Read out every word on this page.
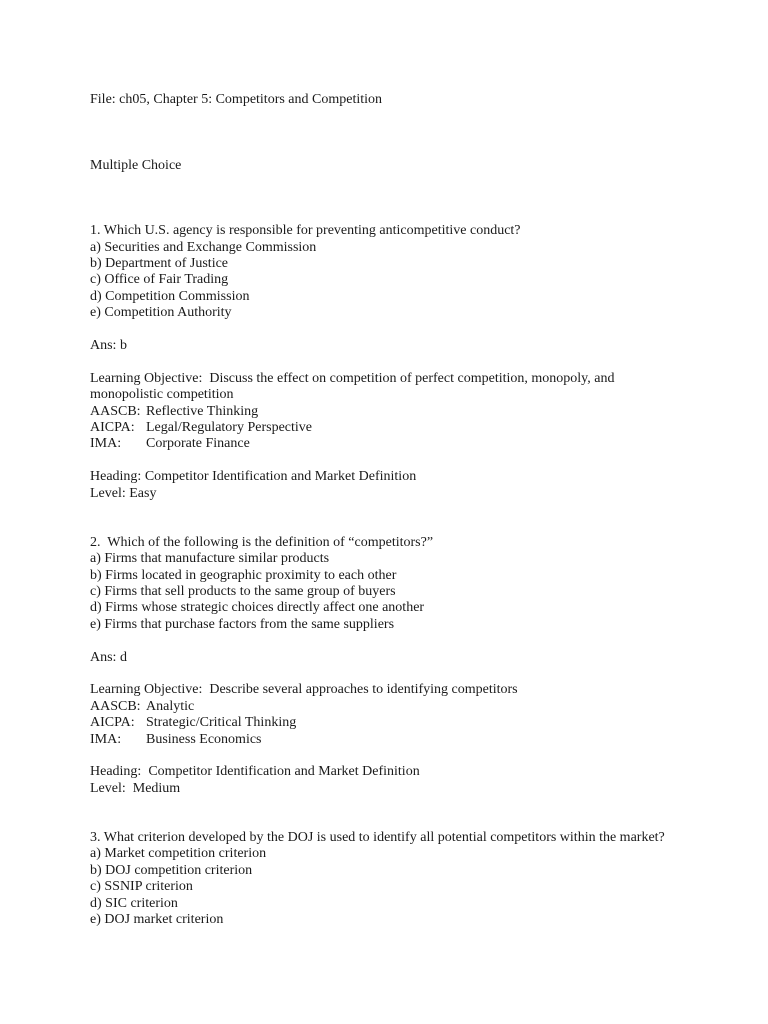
File: ch05, Chapter 5: Competitors and Competition
Multiple Choice
1. Which U.S. agency is responsible for preventing anticompetitive conduct?
a) Securities and Exchange Commission
b) Department of Justice
c) Office of Fair Trading
d) Competition Commission
e) Competition Authority
Ans: b
Learning Objective:  Discuss the effect on competition of perfect competition, monopoly, and
monopolistic competition
AASCB: Reflective Thinking
AICPA: Legal/Regulatory Perspective
IMA: Corporate Finance
Heading: Competitor Identification and Market Definition
Level: Easy
2.  Which of the following is the definition of “competitors?”
a) Firms that manufacture similar products
b) Firms located in geographic proximity to each other
c) Firms that sell products to the same group of buyers
d) Firms whose strategic choices directly affect one another
e) Firms that purchase factors from the same suppliers
Ans: d
Learning Objective:  Describe several approaches to identifying competitors
AASCB: Analytic
AICPA: Strategic/Critical Thinking
IMA: Business Economics
Heading:  Competitor Identification and Market Definition
Level:  Medium
3. What criterion developed by the DOJ is used to identify all potential competitors within the market?
a) Market competition criterion
b) DOJ competition criterion
c) SSNIP criterion
d) SIC criterion
e) DOJ market criterion
